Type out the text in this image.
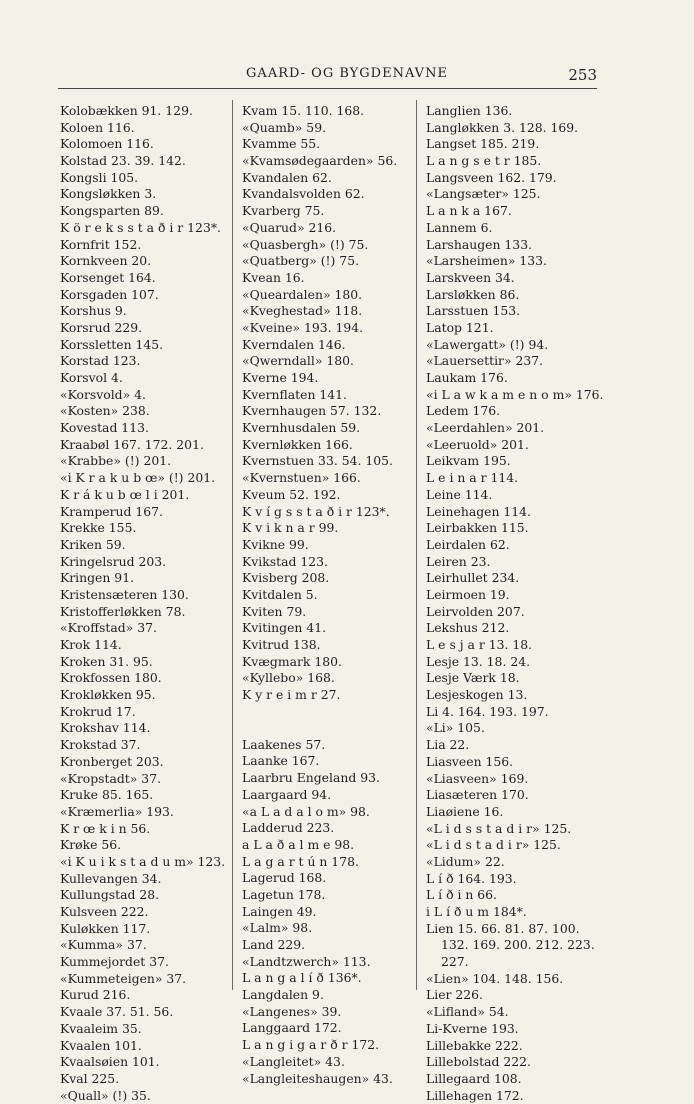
GAARD- OG BYGDENAVNE	253
Kolobækken 91. 129.
Koloen 116.
Kolomoen 116.
Kolstad 23. 39. 142.
Kongsli 105.
Kongsløkken 3.
Kongsparten 89.
K ö r e k s s t a ð i r 123*.
Kornfrit 152.
Kornkveen 20.
Korsenget 164.
Korsgaden 107.
Korshus 9.
Korsrud 229.
Korssletten 145.
Korstad 123.
Korsvol 4.
«Korsvold» 4.
«Kosten» 238.
Kovestad 113.
Kraabøl 167. 172. 201.
«Krabbe» (!) 201.
«i K r a k u b œ» (!) 201.
K r á k u b œ l i 201.
Kramperud 167.
Krekke 155.
Kriken 59.
Kringelsrud 203.
Kringen 91.
Kristensæteren 130.
Kristofferløkken 78.
«Kroffstad» 37.
Krok 114.
Kroken 31. 95.
Krokfossen 180.
Krokløkken 95.
Krokrud 17.
Krokshav 114.
Krokstad 37.
Kronberget 203.
«Kropstadt» 37.
Kruke 85. 165.
«Kræmerlia» 193.
K r œ k i n 56.
Krøke 56.
«i K u i k s t a d u m» 123.
Kullevangen 34.
Kullungstad 28.
Kulsveen 222.
Kuløkken 117.
«Kumma» 37.
Kummejordet 37.
«Kummeteigen» 37.
Kurud 216.
Kvaale 37. 51. 56.
Kvaaleim 35.
Kvaalen 101.
Kvaalsøien 101.
Kval 225.
«Quall» (!) 35.
Kvam 15. 110. 168.
«Quamb» 59.
Kvamme 55.
«Kvamsødegaarden» 56.
Kvandalen 62.
Kvandalsvolden 62.
Kvarberg 75.
«Quarud» 216.
«Quasbergh» (!) 75.
«Quatberg» (!) 75.
Kvean 16.
«Queardalen» 180.
«Kveghestad» 118.
«Kveine» 193. 194.
Kverndalen 146.
«Qwerndall» 180.
Kverne 194.
Kvernflaten 141.
Kvernhaugen 57. 132.
Kvernhusdalen 59.
Kvernløkken 166.
Kvernstuen 33. 54. 105.
«Kvernstuen» 166.
Kveum 52. 192.
K v í g s s t a ð i r 123*.
K v i k n a r 99.
Kvikne 99.
Kvikstad 123.
Kvisberg 208.
Kvitdalen 5.
Kviten 79.
Kvitingen 41.
Kvitrud 138.
Kvægmark 180.
«Kyllebo» 168.
K y r e i m r 27.
Laakenes 57.
Laanke 167.
Laarbru Engeland 93.
Laargaard 94.
«a L a d a l o m» 98.
Ladderud 223.
a L a ð a l m e 98.
L a g a r t ú n 178.
Lagerud 168.
Lagetun 178.
Laingen 49.
«Lalm» 98.
Land 229.
«Landtzwerch» 113.
L a n g a l í ð 136*.
Langdalen 9.
«Langenes» 39.
Langgaard 172.
L a n g i g a r ð r 172.
«Langleitet» 43.
«Langleiteshaugen» 43.
Langlien 136.
Langløkken 3. 128. 169.
Langset 185. 219.
L a n g s e t r 185.
Langsveen 162. 179.
«Langsæter» 125.
L a n k a 167.
Lannem 6.
Larshaugen 133.
«Larsheimen» 133.
Larskveen 34.
Larsløkken 86.
Larsstuen 153.
Latop 121.
«Lawergatt» (!) 94.
«Lauersettir» 237.
Laukam 176.
«i L a w k a m e n o m» 176.
Ledem 176.
«Leerdahlen» 201.
«Leeruold» 201.
Leikvam 195.
L e i n a r 114.
Leine 114.
Leinehagen 114.
Leirbakken 115.
Leirdalen 62.
Leiren 23.
Leirhullet 234.
Leirmoen 19.
Leirvolden 207.
Lekshus 212.
L e s j a r 13. 18.
Lesje 13. 18. 24.
Lesje Værk 18.
Lesjeskogen 13.
Li 4. 164. 193. 197.
«Li» 105.
Lia 22.
Liasveen 156.
«Liasveen» 169.
Liasæteren 170.
Liaøiene 16.
«L i d s s t a d i r» 125.
«L i d s t a d i r» 125.
«Lidum» 22.
L í ð 164. 193.
L í ð i n 66.
i L í ð u m 184*.
Lien 15. 66. 81. 87. 100.
132. 169. 200. 212. 223.
227.
«Lien» 104. 148. 156.
Lier 226.
«Lifland» 54.
Li-Kverne 193.
Lillebakke 222.
Lillebolstad 222.
Lillegaard 108.
Lillehagen 172.
